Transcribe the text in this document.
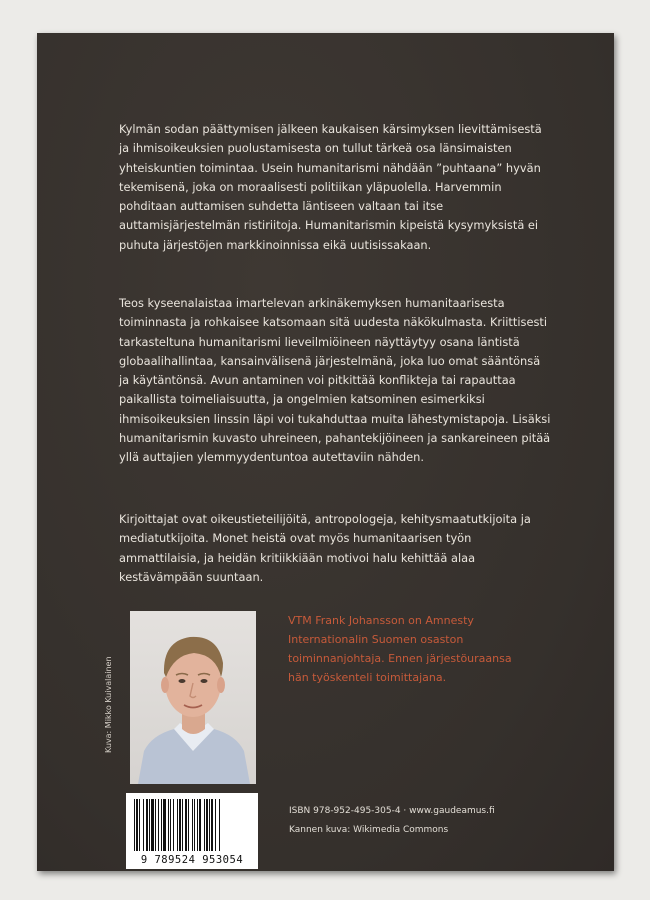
Kylmän sodan päättymisen jälkeen kaukaisen kärsimyksen lievittämisestä ja ihmisoikeuksien puolustamisesta on tullut tärkeä osa länsimaisten yhteiskuntien toimintaa. Usein humanitarismi nähdään ”puhtaana” hyvän tekemisenä, joka on moraalisesti politiikan yläpuolella. Harvemmin pohditaan auttamisen suhdetta läntiseen valtaan tai itse auttamisjärjestelmän ristiriitoja. Humanitarismin kipeistä kysymyksistä ei puhuta järjestöjen markkinoinnissa eikä uutisissakaan.

Teos kyseenalaistaa imartelevan arkinäkemyksen humanitaarisesta toiminnasta ja rohkaisee katsomaan sitä uudesta näkökulmasta. Kriittisesti tarkasteltuna humanitarismi lieveilmiöineen näyttäytyy osana läntistä globaalihallintaa, kansainvälisenä järjestelmänä, joka luo omat sääntönsä ja käytäntönsä. Avun antaminen voi pitkittää konflikteja tai rapauttaa paikallista toimeliaisuutta, ja ongelmien katsominen esimerkiksi ihmisoikeuksien linssin läpi voi tukahduttaa muita lähestymistapoja. Lisäksi humanitarismin kuvasto uhreineen, pahantekijöineen ja sankareineen pitää yllä auttajien ylemmyydentuntoa autettaviin nähden.

Kirjoittajat ovat oikeustieteilijöitä, antropologeja, kehitysmaatutkijoita ja mediatutkijoita. Monet heistä ovat myös humanitaarisen työn ammattilaisia, ja heidän kritiikkiään motivoi halu kehittää alaa kestävämpään suuntaan.

Kuva: Mikko Kuivalainen

VTM Frank Johansson on Amnesty Internationalin Suomen osaston toiminnanjohtaja. Ennen järjestöuraansa hän työskenteli toimittajana.

9 789524 953054
ISBN 978-952-495-305-4 · www.gaudeamus.fi
Kannen kuva: Wikimedia Commons
